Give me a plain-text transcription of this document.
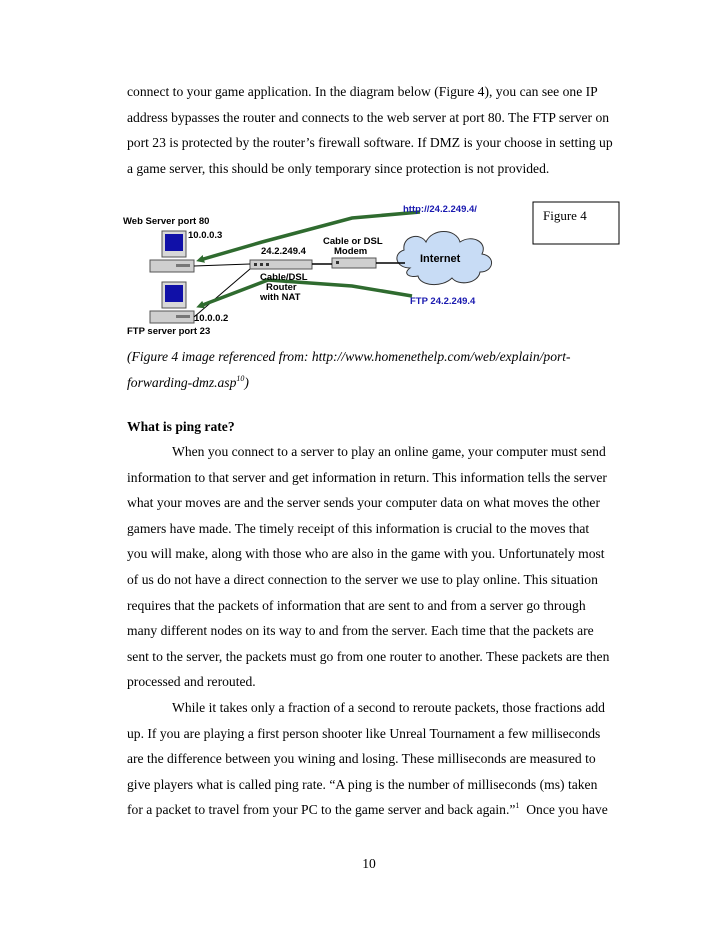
connect to your game application. In the diagram below (Figure 4), you can see one IP

address bypasses the router and connects to the web server at port 80. The FTP server on

port 23 is protected by the router’s firewall software. If DMZ is your choose in setting up

a game server, this should be only temporary since protection is not provided.

Figure 4
Internet
Web Server port 80
10.0.0.3
10.0.0.2
FTP server port 23
24.2.249.4
Cable/DSL
Router
with NAT
Cable or DSL
Modem
http://24.2.249.4/
FTP 24.2.249.4

(Figure 4 image referenced from: http://www.homenethelp.com/web/explain/port-

forwarding-dmz.asp$^{10}$)

What is ping rate?

When you connect to a server to play an online game, your computer must send

information to that server and get information in return. This information tells the server

what your moves are and the server sends your computer data on what moves the other

gamers have made. The timely receipt of this information is crucial to the moves that

you will make, along with those who are also in the game with you. Unfortunately most

of us do not have a direct connection to the server we use to play online. This situation

requires that the packets of information that are sent to and from a server go through

many different nodes on its way to and from the server. Each time that the packets are

sent to the server, the packets must go from one router to another. These packets are then

processed and rerouted.

While it takes only a fraction of a second to reroute packets, those fractions add

up. If you are playing a first person shooter like Unreal Tournament a few milliseconds

are the difference between you wining and losing. These milliseconds are measured to

give players what is called ping rate. “A ping is the number of milliseconds (ms) taken

for a packet to travel from your PC to the game server and back again.”$^1$  Once you have

10
